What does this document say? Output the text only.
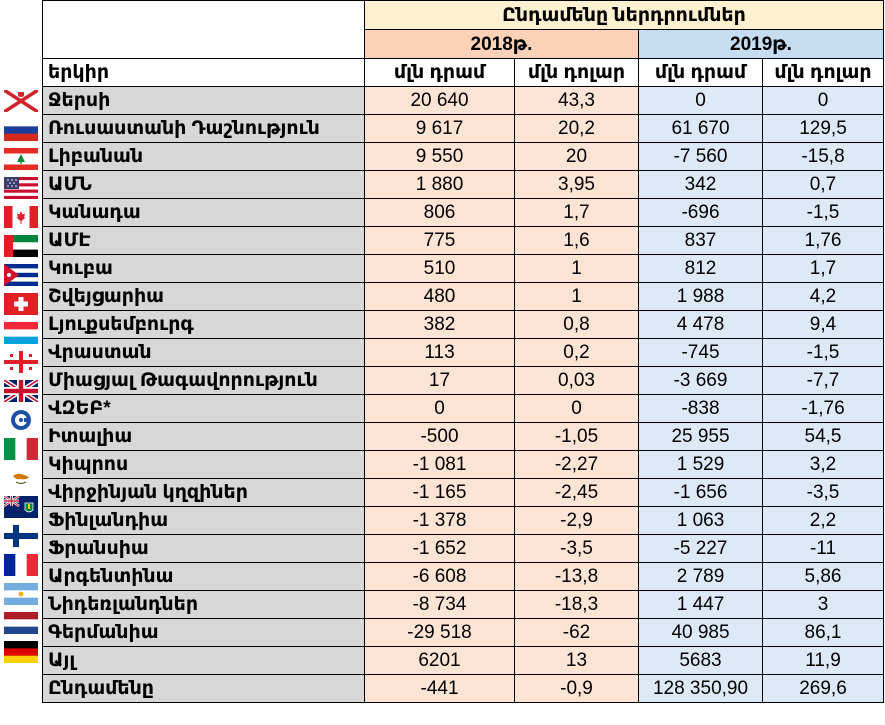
	Ընդամենը ներդրումներ			
	2018թ.		2019թ.	
երկիր	մլն դրամ	մլն դոլար	մլն դրամ	մլն դոլար
Ջերսի	20 640	43,3	0	0
Ռուսաստանի Դաշնություն	9 617	20,2	61 670	129,5
Լիբանան	9 550	20	-7 560	-15,8
ԱՄՆ	1 880	3,95	342	0,7
Կանադա	806	1,7	-696	-1,5
ԱՄԷ	775	1,6	837	1,76
Կուբա	510	1	812	1,7
Շվեյցարիա	480	1	1 988	4,2
Լյուքսեմբուրգ	382	0,8	4 478	9,4
Վրաստան	113	0,2	-745	-1,5
Միացյալ Թագավորություն	17	0,03	-3 669	-7,7
ՎԶԵԲ*	0	0	-838	-1,76
Իտալիա	-500	-1,05	25 955	54,5
Կիպրոս	-1 081	-2,27	1 529	3,2
Վիրջինյան կղզիներ	-1 165	-2,45	-1 656	-3,5
Ֆինլանդիա	-1 378	-2,9	1 063	2,2
Ֆրանսիա	-1 652	-3,5	-5 227	-11
Արգենտինա	-6 608	-13,8	2 789	5,86
Նիդեռլանդներ	-8 734	-18,3	1 447	3
Գերմանիա	-29 518	-62	40 985	86,1
Այլ	6201	13	5683	11,9
Ընդամենը	-441	-0,9	128 350,90	269,6
